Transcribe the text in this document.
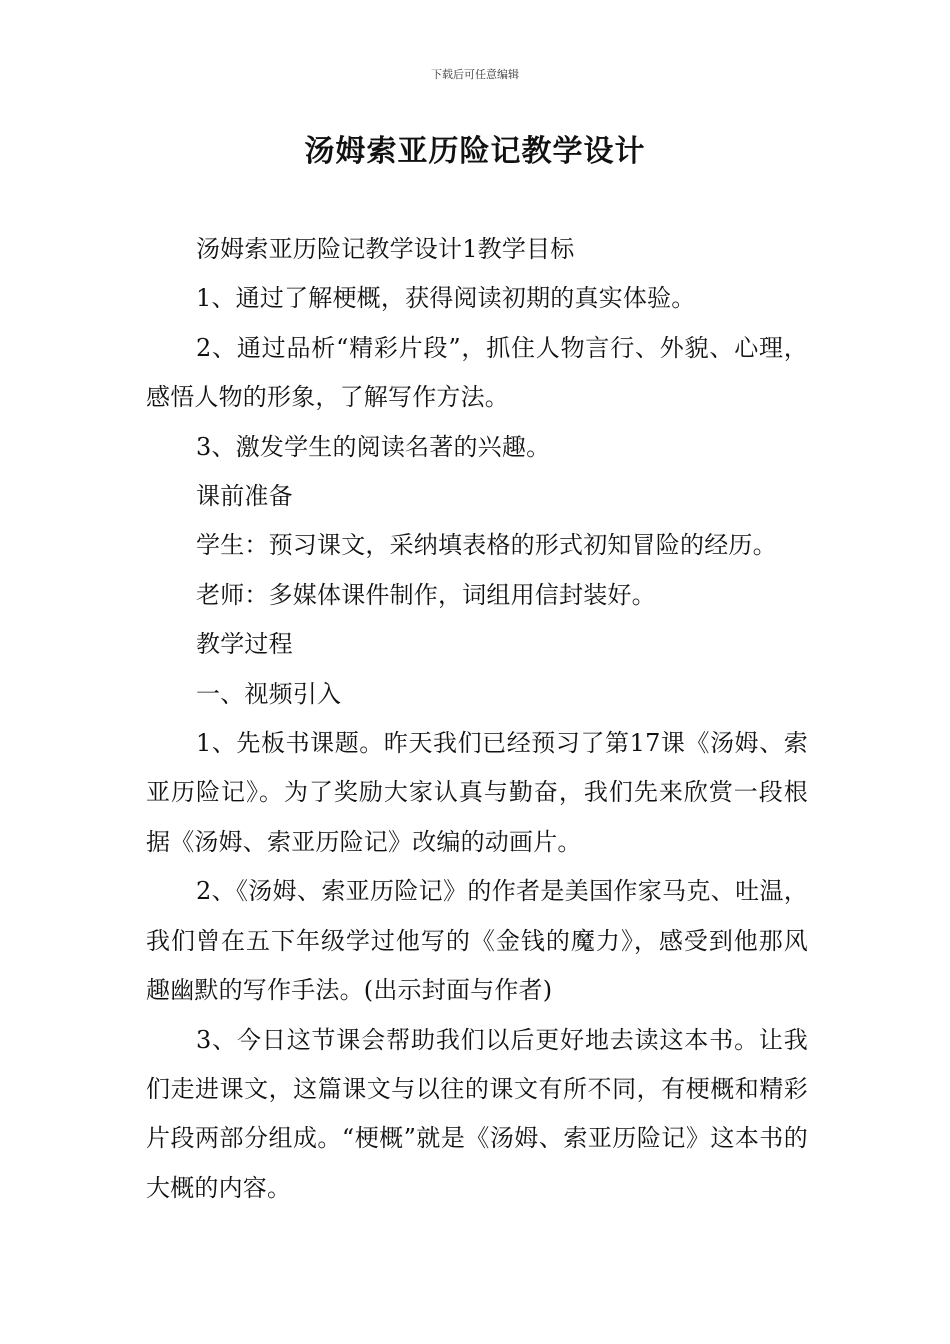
下载后可任意编辑
汤姆索亚历险记教学设计

汤姆索亚历险记教学设计1教学目标

1、通过了解梗概，获得阅读初期的真实体验。

2、通过品析“精彩片段”，抓住人物言行、外貌、心理，感悟人物的形象，了解写作方法。

3、激发学生的阅读名著的兴趣。

课前准备

学生：预习课文，采纳填表格的形式初知冒险的经历。

老师：多媒体课件制作，词组用信封装好。

教学过程

一、视频引入

1、先板书课题。昨天我们已经预习了第17课《汤姆、索亚历险记》。为了奖励大家认真与勤奋，我们先来欣赏一段根据《汤姆、索亚历险记》改编的动画片。

2、《汤姆、索亚历险记》的作者是美国作家马克、吐温，我们曾在五下年级学过他写的《金钱的魔力》，感受到他那风趣幽默的写作手法。(出示封面与作者)

3、今日这节课会帮助我们以后更好地去读这本书。让我们走进课文，这篇课文与以往的课文有所不同，有梗概和精彩片段两部分组成。“梗概”就是《汤姆、索亚历险记》这本书的大概的内容。
